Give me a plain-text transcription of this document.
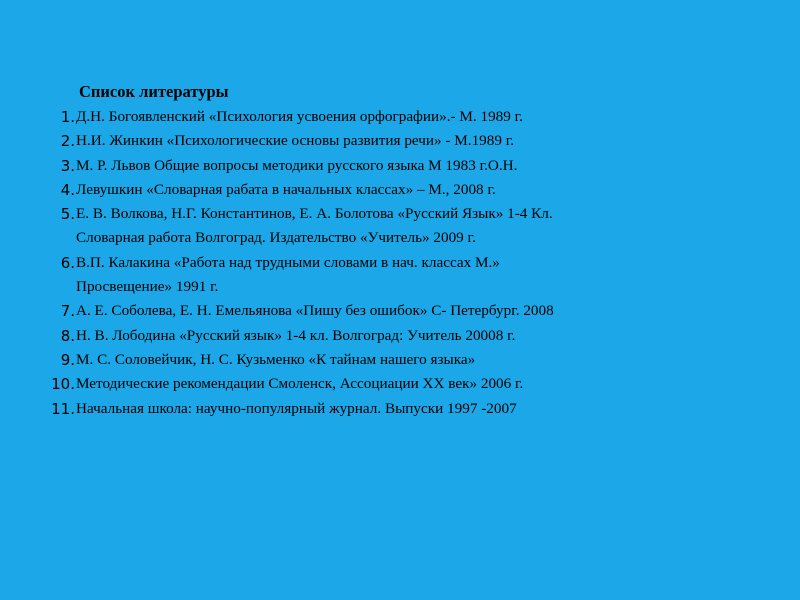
Список литературы
1. Д.Н. Богоявленский «Психология усвоения орфографии».- М. 1989 г.
2. Н.И. Жинкин «Психологические основы развития речи» - М.1989 г.
3. М. Р. Львов Общие вопросы методики русского языка М 1983 г.О.Н.
4. Левушкин «Словарная рабата в начальных классах» – М., 2008 г.
5. Е. В. Волкова, Н.Г. Константинов, Е. А. Болотова «Русский Язык» 1-4 Кл.
Словарная работа Волгоград. Издательство «Учитель» 2009 г.
6. В.П. Калакина «Работа над трудными словами в нач. классах М.»
Просвещение» 1991 г.
7. А. Е. Соболева, Е. Н. Емельянова «Пишу без ошибок» С- Петербург. 2008
8. Н. В. Лободина «Русский язык» 1-4 кл. Волгоград: Учитель 20008 г.
9. М. С. Соловейчик, Н. С. Кузьменко «К тайнам нашего языка»
10. Методические рекомендации Смоленск, Ассоциации XX век» 2006 г.
11. Начальная школа: научно-популярный журнал. Выпуски 1997 -2007
